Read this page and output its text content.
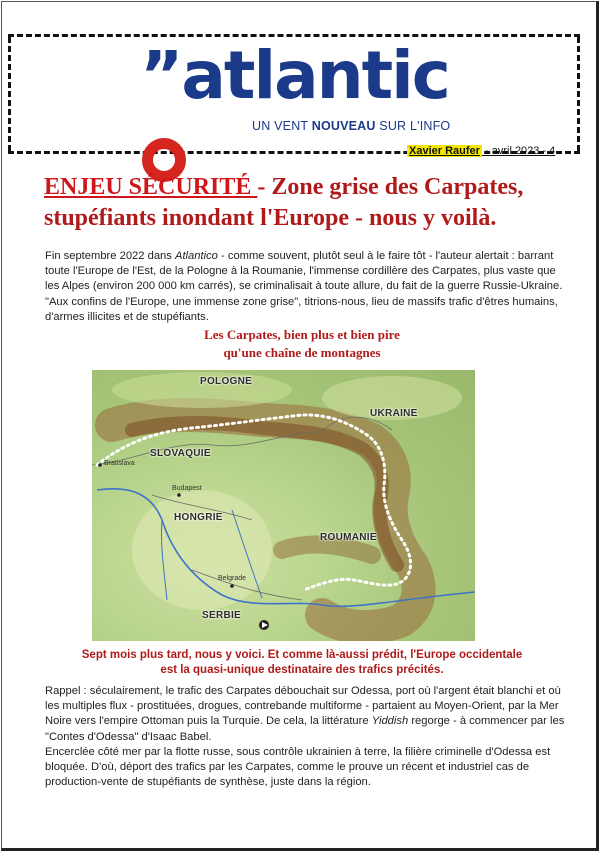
”atlantic
UN VENT NOUVEAU SUR L'INFO
Xavier Raufer - avril 2023 - 4
ENJEU SÉCURITÉ - Zone grise des Carpates, stupéfiants inondant l'Europe - nous y voilà.
Fin septembre 2022 dans Atlantico - comme souvent, plutôt seul à le faire tôt - l'auteur alertait : barrant toute l'Europe de l'Est, de la Pologne à la Roumanie, l'immense cordillère des Carpates, plus vaste que les Alpes (environ 200 000 km carrés), se criminalisait à toute allure, du fait de la guerre Russie-Ukraine. "Aux confins de l'Europe, une immense zone grise", titrions-nous, lieu de massifs trafic d'êtres humains, d'armes illicites et de stupéfiants.
Les Carpates, bien plus et bien pire
qu'une chaîne de montagnes
POLOGNE
UKRAINE
SLOVAQUIE
HONGRIE
ROUMANIE
SERBIE
Bratislava
Budapest
Belgrade
Sept mois plus tard, nous y voici. Et comme là-aussi prédit, l'Europe occidentale
est la quasi-unique destinataire des trafics précités.
Rappel : séculairement, le trafic des Carpates débouchait sur Odessa, port où l'argent était blanchi et où les multiples flux - prostituées, drogues, contrebande multiforme - partaient au Moyen-Orient, par la Mer Noire vers l'empire Ottoman puis la Turquie. De cela, la littérature Yiddish regorge - à commencer par les "Contes d'Odessa" d'Isaac Babel.
Encerclée côté mer par la flotte russe, sous contrôle ukrainien à terre, la filière criminelle d'Odessa est bloquée. D'où, déport des trafics par les Carpates, comme le prouve un récent et industriel cas de production-vente de stupéfiants de synthèse, juste dans la région.
